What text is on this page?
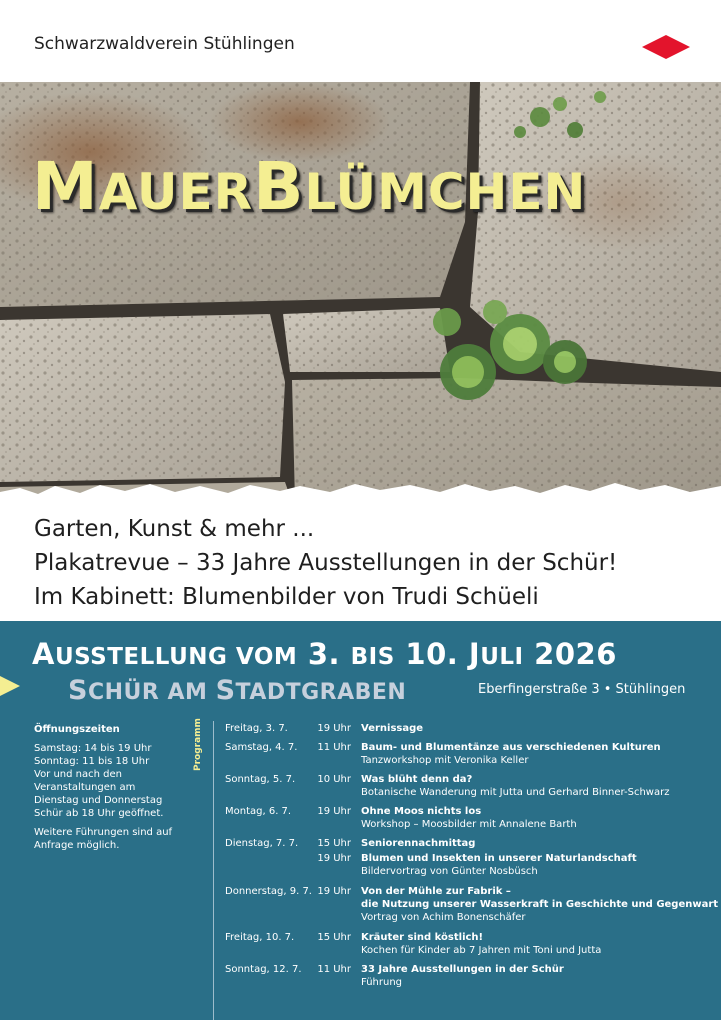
Schwarzwaldverein Stühlingen
MAUERBLÜMCHEN
Garten, Kunst & mehr ...
Plakatrevue – 33 Jahre Ausstellungen in der Schür!
Im Kabinett: Blumenbilder von Trudi Schüeli
AUSSTELLUNG VOM 3. BIS 10. JULI 2026
SCHÜR AM STADTGRABEN	Eberfingerstraße 3 • Stühlingen
Öffnungszeiten
Samstag: 14 bis 19 Uhr
Sonntag: 11 bis 18 Uhr
Vor und nach den
Veranstaltungen am
Dienstag und Donnerstag
Schür ab 18 Uhr geöffnet.
Weitere Führungen sind auf
Anfrage möglich.
Programm Freitag, 3. 7.	19 Uhr Vernissage
Samstag, 4. 7.	11 Uhr Baum- und Blumentänze aus verschiedenen Kulturen
Tanzworkshop mit Veronika Keller
Sonntag, 5. 7.	10 Uhr Was blüht denn da?
Botanische Wanderung mit Jutta und Gerhard Binner-Schwarz
Montag, 6. 7.	19 Uhr Ohne Moos nichts los
Workshop – Moosbilder mit Annalene Barth
Dienstag, 7. 7.	15 Uhr Seniorennachmittag
19 Uhr Blumen und Insekten in unserer Naturlandschaft
Bildervortrag von Günter Nosbüsch
Donnerstag, 9. 7. 19 Uhr Von der Mühle zur Fabrik –
die Nutzung unserer Wasserkraft in Geschichte und Gegenwart
Vortrag von Achim Bonenschäfer
Freitag, 10. 7.	15 Uhr Kräuter sind köstlich!
Kochen für Kinder ab 7 Jahren mit Toni und Jutta
Sonntag, 12. 7.	11 Uhr 33 Jahre Ausstellungen in der Schür
Führung
